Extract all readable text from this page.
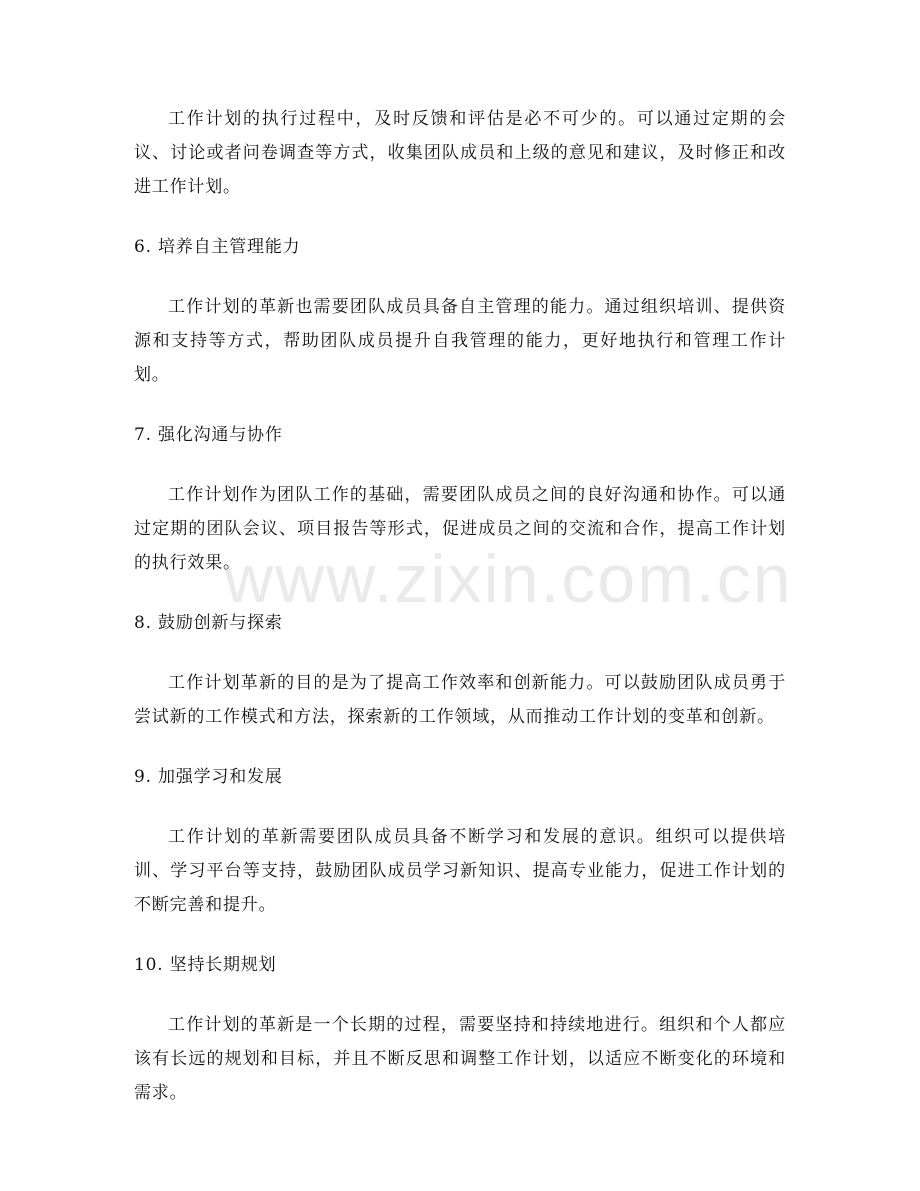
工作计划的执行过程中，及时反馈和评估是必不可少的。可以通过定期的会议、讨论或者问卷调查等方式，收集团队成员和上级的意见和建议，及时修正和改进工作计划。

6. 培养自主管理能力

工作计划的革新也需要团队成员具备自主管理的能力。通过组织培训、提供资源和支持等方式，帮助团队成员提升自我管理的能力，更好地执行和管理工作计划。

7. 强化沟通与协作

工作计划作为团队工作的基础，需要团队成员之间的良好沟通和协作。可以通过定期的团队会议、项目报告等形式，促进成员之间的交流和合作，提高工作计划的执行效果。

8. 鼓励创新与探索

工作计划革新的目的是为了提高工作效率和创新能力。可以鼓励团队成员勇于尝试新的工作模式和方法，探索新的工作领域，从而推动工作计划的变革和创新。

9. 加强学习和发展

工作计划的革新需要团队成员具备不断学习和发展的意识。组织可以提供培训、学习平台等支持，鼓励团队成员学习新知识、提高专业能力，促进工作计划的不断完善和提升。

10. 坚持长期规划

工作计划的革新是一个长期的过程，需要坚持和持续地进行。组织和个人都应该有长远的规划和目标，并且不断反思和调整工作计划，以适应不断变化的环境和需求。

www.zixin.com.cn
